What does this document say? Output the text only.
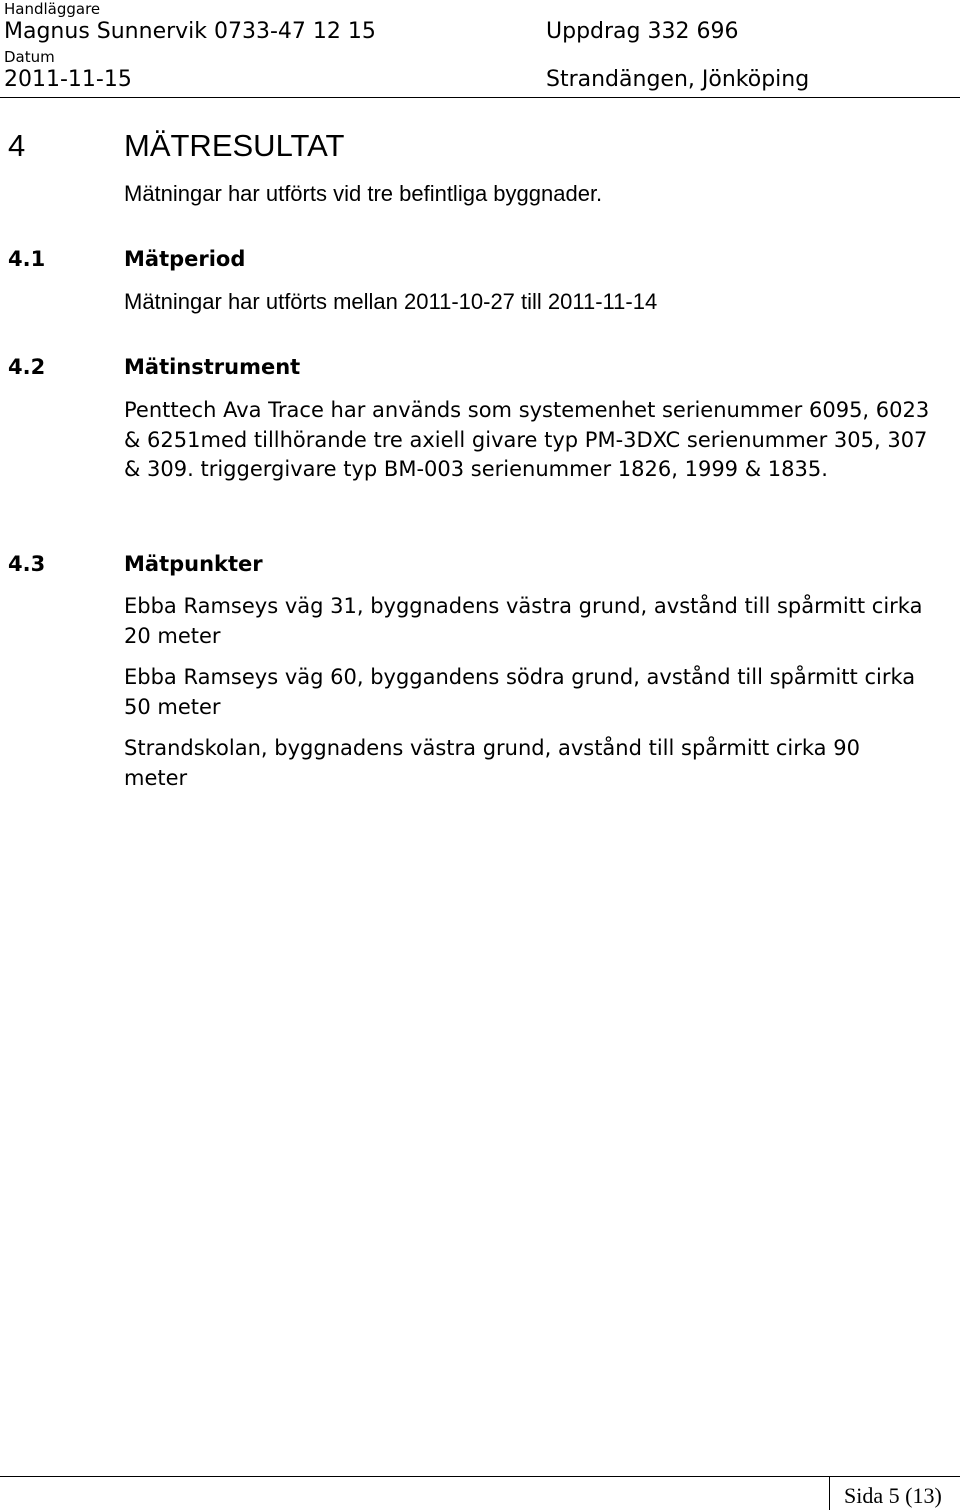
Handläggare
Magnus Sunnervik 0733-47 12 15	Uppdrag 332 696
Datum
2011-11-15	Strandängen, Jönköping
4	MÄTRESULTAT
Mätningar har utförts vid tre befintliga byggnader.
4.1	Mätperiod
Mätningar har utförts mellan 2011-10-27 till 2011-11-14
4.2	Mätinstrument
Penttech Ava Trace har används som systemenhet serienummer 6095, 6023 & 6251med tillhörande tre axiell givare typ PM-3DXC serienummer 305, 307 & 309. triggergivare typ BM-003 serienummer 1826, 1999 & 1835.
4.3	Mätpunkter
Ebba Ramseys väg 31, byggnadens västra grund, avstånd till spårmitt cirka 20 meter
Ebba Ramseys väg 60, byggandens södra grund, avstånd till spårmitt cirka 50 meter
Strandskolan, byggnadens västra grund, avstånd till spårmitt cirka 90 meter
Sida 5 (13)
